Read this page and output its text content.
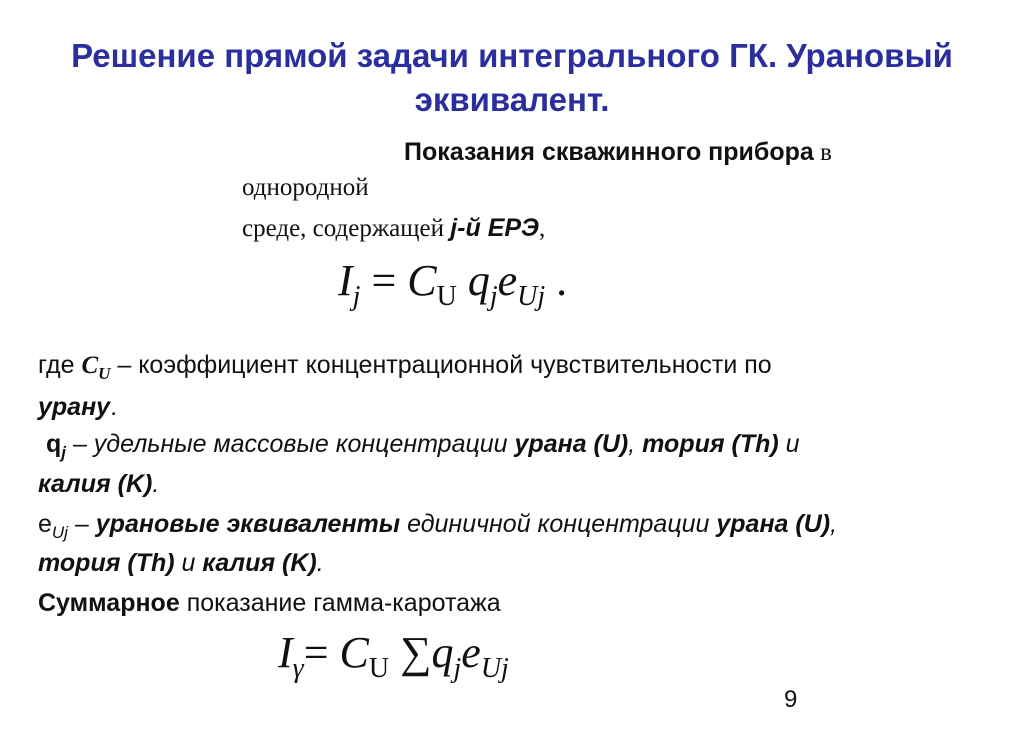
Решение прямой задачи интегрального ГК. Урановый
эквивалент.
Показания скважинного прибора в
однородной
среде, содержащей j-й ЕРЭ,
$I_j = C_U$ $q_je_{Uj}$ .
где $C_U$ – коэффициент концентрационной чувствительности по
урану.
$q_j$ – удельные массовые концентрации урана (U), тория (Th) и
калия (K).
$e_{Uj}$ – урановые эквиваленты единичной концентрации урана (U),
тория (Th) и калия (K).
Суммарное показание гамма-каротажа
$I_\gamma= C_U$ $\sum q_je_{Uj}$
9
